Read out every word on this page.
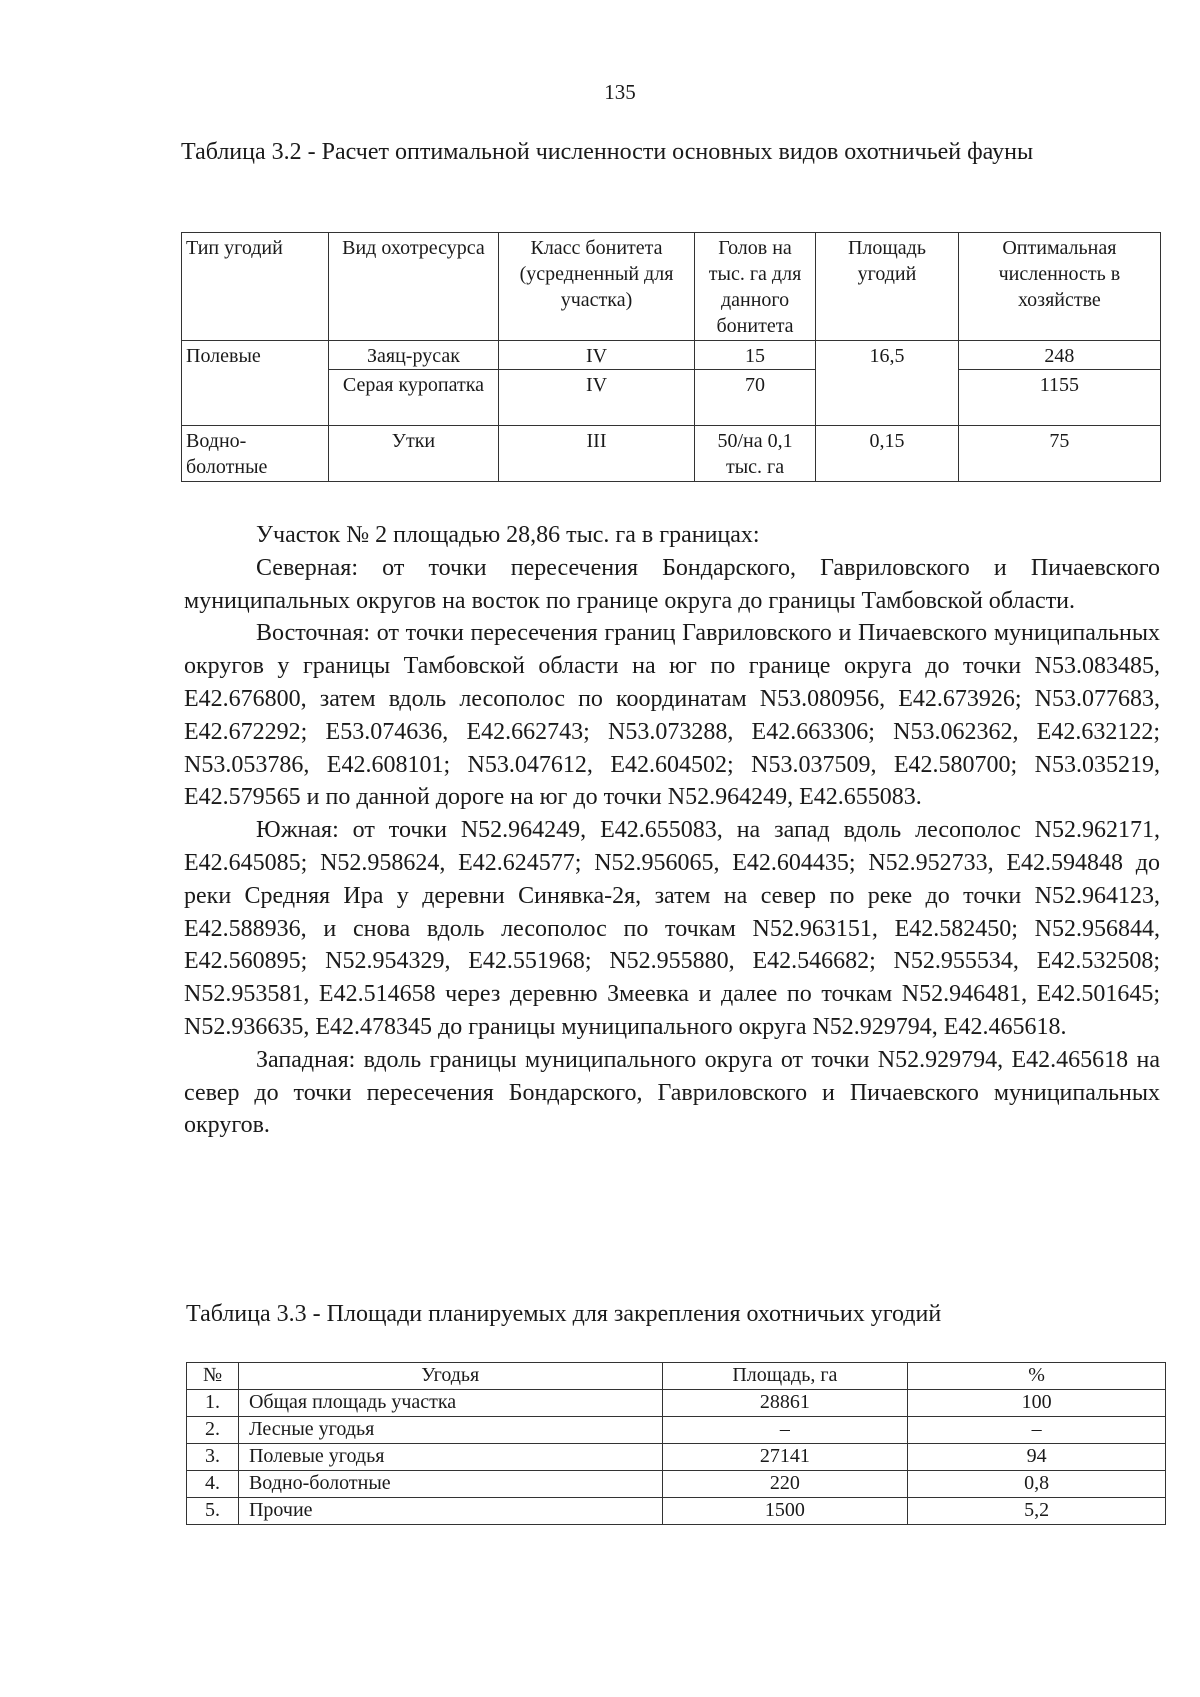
135
Таблица 3.2 - Расчет оптимальной численности основных видов охотничьей фауны
Тип угодий	Вид охотресурса	Класс бонитета (усредненный для участка)	Голов на тыс. га для данного бонитета	Площадь угодий	Оптимальная численность в хозяйстве
Полевые	Заяц-русак	IV	15	16,5	248
	Серая куропатка	IV	70		1155
Водно-болотные	Утки	III	50/на 0,1 тыс. га	0,15	75

Участок № 2 площадью 28,86 тыс. га в границах:

Северная: от точки пересечения Бондарского, Гавриловского и Пичаевского муниципальных округов на восток по границе округа до границы Тамбовской области.

Восточная: от точки пересечения границ Гавриловского и Пичаевского муниципальных округов у границы Тамбовской области на юг по границе округа до точки N53.083485, E42.676800, затем вдоль лесополос по координатам N53.080956, E42.673926; N53.077683, E42.672292; E53.074636, E42.662743; N53.073288, E42.663306; N53.062362, E42.632122; N53.053786, E42.608101; N53.047612, E42.604502; N53.037509, E42.580700; N53.035219, E42.579565 и по данной дороге на юг до точки N52.964249, E42.655083.

Южная: от точки N52.964249, E42.655083, на запад вдоль лесополос N52.962171, E42.645085; N52.958624, E42.624577; N52.956065, E42.604435; N52.952733, E42.594848 до реки Средняя Ира у деревни Синявка-2я, затем на север по реке до точки N52.964123, E42.588936, и снова вдоль лесополос по точкам N52.963151, E42.582450; N52.956844, E42.560895; N52.954329, E42.551968; N52.955880, E42.546682; N52.955534, E42.532508; N52.953581, E42.514658 через деревню Змеевка и далее по точкам N52.946481, E42.501645; N52.936635, E42.478345 до границы муниципального округа N52.929794, E42.465618.

Западная: вдоль границы муниципального округа от точки N52.929794, E42.465618 на север до точки пересечения Бондарского, Гавриловского и Пичаевского муниципальных округов.

Таблица 3.3 - Площади планируемых для закрепления охотничьих угодий
№	Угодья	Площадь, га	%
1.	Общая площадь участка	28861	100
2.	Лесные угодья	–	–
3.	Полевые угодья	27141	94
4.	Водно-болотные	220	0,8
5.	Прочие	1500	5,2
